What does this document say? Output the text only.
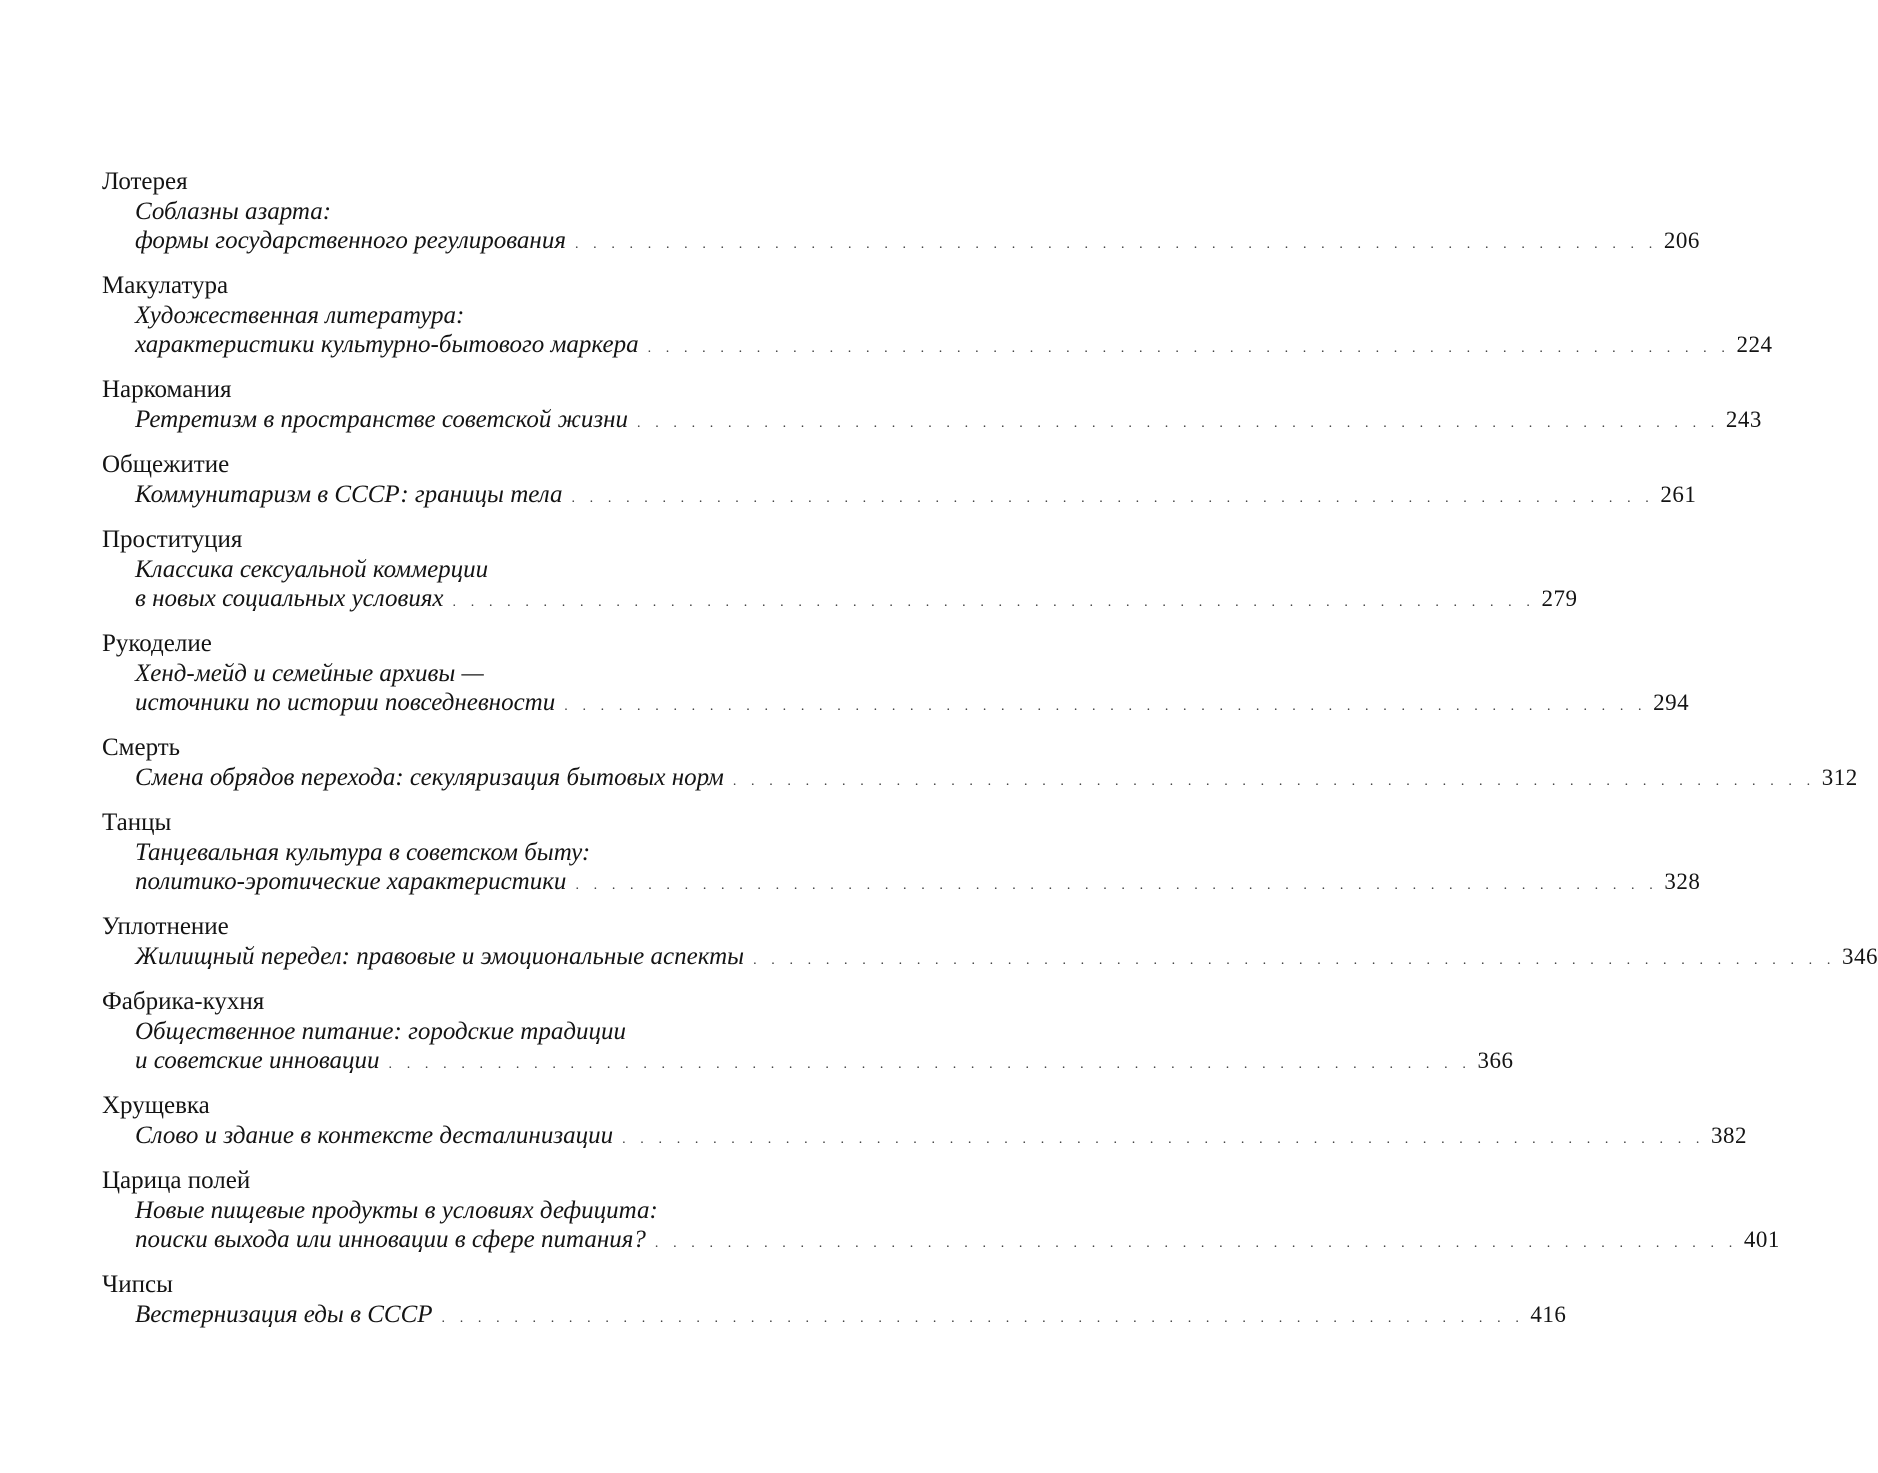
Лотерея
Соблазны азарта:
формы государственного регулирования . . . . . . . . . . . . . . . . . . . . . . . . . . . . . . . . . . . . . . . . . . . . . . . . . . . . . . . . . . . . 206
Макулатура
Художественная литература:
характеристики культурно-бытового маркера . . . . . . . . . . . . . . . . . . . . . . . . . . . . . . . . . . . . . . . . . . . . . . . . . . . . . . . . . . . . 224
Наркомания
Ретретизм в пространстве советской жизни . . . . . . . . . . . . . . . . . . . . . . . . . . . . . . . . . . . . . . . . . . . . . . . . . . . . . . . . . . . . 243
Общежитие
Коммунитаризм в СССР: границы тела . . . . . . . . . . . . . . . . . . . . . . . . . . . . . . . . . . . . . . . . . . . . . . . . . . . . . . . . . . . . 261
Проституция
Классика сексуальной коммерции
в новых социальных условиях . . . . . . . . . . . . . . . . . . . . . . . . . . . . . . . . . . . . . . . . . . . . . . . . . . . . . . . . . . . . 279
Рукоделие
Хенд-мейд и семейные архивы —
источники по истории повседневности . . . . . . . . . . . . . . . . . . . . . . . . . . . . . . . . . . . . . . . . . . . . . . . . . . . . . . . . . . . . 294
Смерть
Смена обрядов перехода: секуляризация бытовых норм . . . . . . . . . . . . . . . . . . . . . . . . . . . . . . . . . . . . . . . . . . . . . . . . . . . . . . . . . . . . 312
Танцы
Танцевальная культура в советском быту:
политико-эротические характеристики . . . . . . . . . . . . . . . . . . . . . . . . . . . . . . . . . . . . . . . . . . . . . . . . . . . . . . . . . . . . 328
Уплотнение
Жилищный передел: правовые и эмоциональные аспекты . . . . . . . . . . . . . . . . . . . . . . . . . . . . . . . . . . . . . . . . . . . . . . . . . . . . . . . . . . . . 346
Фабрика-кухня
Общественное питание: городские традиции
и советские инновации . . . . . . . . . . . . . . . . . . . . . . . . . . . . . . . . . . . . . . . . . . . . . . . . . . . . . . . . . . . . 366
Хрущевка
Слово и здание в контексте десталинизации . . . . . . . . . . . . . . . . . . . . . . . . . . . . . . . . . . . . . . . . . . . . . . . . . . . . . . . . . . . . 382
Царица полей
Новые пищевые продукты в условиях дефицита:
поиски выхода или инновации в сфере питания? . . . . . . . . . . . . . . . . . . . . . . . . . . . . . . . . . . . . . . . . . . . . . . . . . . . . . . . . . . . . 401
Чипсы
Вестернизация еды в СССР . . . . . . . . . . . . . . . . . . . . . . . . . . . . . . . . . . . . . . . . . . . . . . . . . . . . . . . . . . . . 416
